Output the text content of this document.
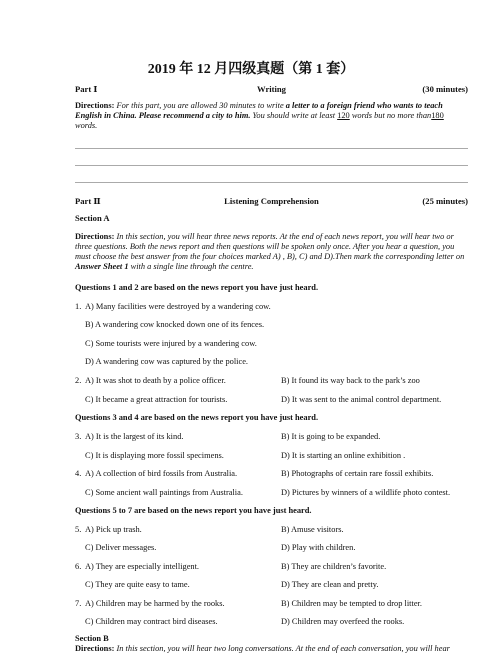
2019 年 12 月四级真题（第 1 套）
Part Ⅰ	Writing	(30 minutes)
Directions: For this part, you are allowed 30 minutes to write a letter to a foreign friend who wants to teach English in China. Please recommend a city to him. You should write at least 120 words but no more than180 words.
Part Ⅱ	Listening Comprehension	(25 minutes)
Section A
Directions: In this section, you will hear three news reports. At the end of each news report, you will hear two or three questions. Both the news report and then questions will be spoken only once. After you hear a question, you must choose the best answer from the four choices marked A) , B), C) and D).Then mark the corresponding letter on Answer Sheet 1 with a single line through the centre.
Questions 1 and 2 are based on the news report you have just heard.
1. A) Many facilities were destroyed by a wandering cow.
B) A wandering cow knocked down one of its fences.
C) Some tourists were injured by a wandering cow.
D) A wandering cow was captured by the police.
2. A) It was shot to death by a police officer.	B) It found its way back to the park’s zoo
C) It became a great attraction for tourists.	D) It was sent to the animal control department.
Questions 3 and 4 are based on the news report you have just heard.
3. A) It is the largest of its kind.	B) It is going to be expanded.
C) It is displaying more fossil specimens.	D) It is starting an online exhibition .
4. A) A collection of bird fossils from Australia.	B) Photographs of certain rare fossil exhibits.
C) Some ancient wall paintings from Australia.	D) Pictures by winners of a wildlife photo contest.
Questions 5 to 7 are based on the news report you have just heard.
5. A) Pick up trash.	B) Amuse visitors.
C) Deliver messages.	D) Play with children.
6. A) They are especially intelligent.	B) They are children’s favorite.
C) They are quite easy to tame.	D) They are clean and pretty.
7. A) Children may be harmed by the rooks.	B) Children may be tempted to drop litter.
C) Children may contract bird diseases.	D) Children may overfeed the rooks.
Section B
Directions: In this section, you will hear two long conversations. At the end of each conversation, you will hear
